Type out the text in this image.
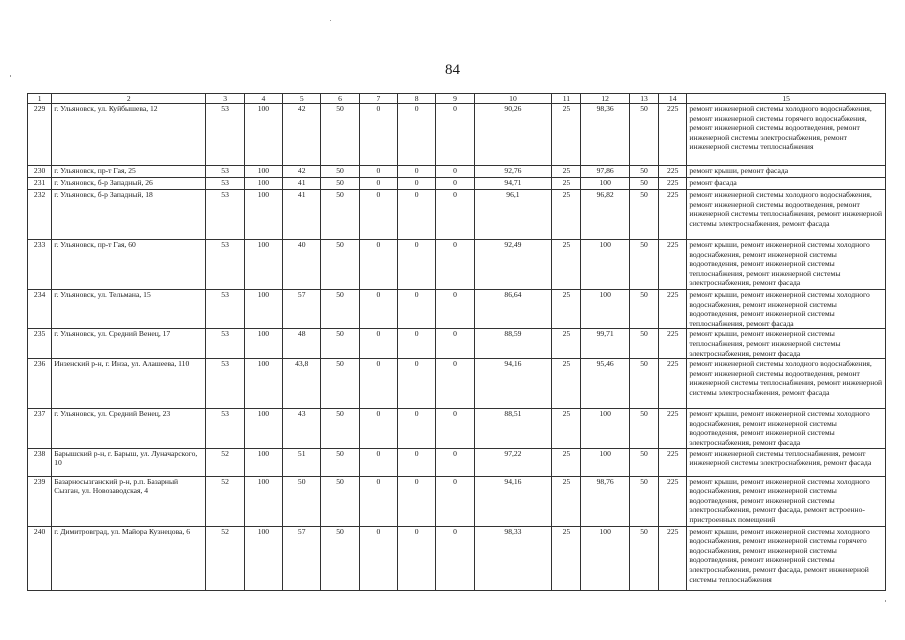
84
1	2	3	4	5	6	7	8	9	10	11	12	13	14	15
229	г. Ульяновск, ул. Куйбышева, 12	53	100	42	50	0	0	0	90,26	25	98,36	50	225	ремонт инженерной системы холодного водоснабжения, ремонт инженерной системы горячего водоснабжения, ремонт инженерной системы водоотведения, ремонт инженерной системы электроснабжения, ремонт инженерной системы теплоснабжения
230	г. Ульяновск, пр-т Гая, 25	53	100	42	50	0	0	0	92,76	25	97,86	50	225	ремонт крыши, ремонт фасада
231	г. Ульяновск, б-р Западный, 26	53	100	41	50	0	0	0	94,71	25	100	50	225	ремонт фасада
232	г. Ульяновск, б-р Западный, 18	53	100	41	50	0	0	0	96,1	25	96,82	50	225	ремонт инженерной системы холодного водоснабжения, ремонт инженерной системы водоотведения, ремонт инженерной системы теплоснабжения, ремонт инженерной системы электроснабжения, ремонт фасада
233	г. Ульяновск, пр-т Гая, 60	53	100	40	50	0	0	0	92,49	25	100	50	225	ремонт крыши, ремонт инженерной системы холодного водоснабжения, ремонт инженерной системы водоотведения, ремонт инженерной системы теплоснабжения, ремонт инженерной системы электроснабжения, ремонт фасада
234	г. Ульяновск, ул. Тельмана, 15	53	100	57	50	0	0	0	86,64	25	100	50	225	ремонт крыши, ремонт инженерной системы холодного водоснабжения, ремонт инженерной системы водоотведения, ремонт инженерной системы теплоснабжения, ремонт фасада
235	г. Ульяновск, ул. Средний Венец, 17	53	100	48	50	0	0	0	88,59	25	99,71	50	225	ремонт крыши, ремонт инженерной системы теплоснабжения, ремонт инженерной системы электроснабжения, ремонт фасада
236	Инзенский р-н, г. Инза, ул. Алашеева, 110	53	100	43,8	50	0	0	0	94,16	25	95,46	50	225	ремонт инженерной системы холодного водоснабжения, ремонт инженерной системы водоотведения, ремонт инженерной системы теплоснабжения, ремонт инженерной системы электроснабжения, ремонт фасада
237	г. Ульяновск, ул. Средний Венец, 23	53	100	43	50	0	0	0	88,51	25	100	50	225	ремонт крыши, ремонт инженерной системы холодного водоснабжения, ремонт инженерной системы водоотведения, ремонт инженерной системы электроснабжения, ремонт фасада
238	Барышский р-н, г. Барыш, ул. Луначарского, 10	52	100	51	50	0	0	0	97,22	25	100	50	225	ремонт инженерной системы теплоснабжения, ремонт инженерной системы электроснабжения, ремонт фасада
239	Базарносызганский р-н, р.п. Базарный Сызган, ул. Новозаводская, 4	52	100	50	50	0	0	0	94,16	25	98,76	50	225	ремонт крыши, ремонт инженерной системы холодного водоснабжения, ремонт инженерной системы водоотведения, ремонт инженерной системы электроснабжения, ремонт фасада, ремонт встроенно-пристроенных помещений
240	г. Димитровград, ул. Майора Кузнецова, 6	52	100	57	50	0	0	0	98,33	25	100	50	225	ремонт крыши, ремонт инженерной системы холодного водоснабжения, ремонт инженерной системы горячего водоснабжения, ремонт инженерной системы водоотведения, ремонт инженерной системы электроснабжения, ремонт фасада, ремонт инженерной системы теплоснабжения
